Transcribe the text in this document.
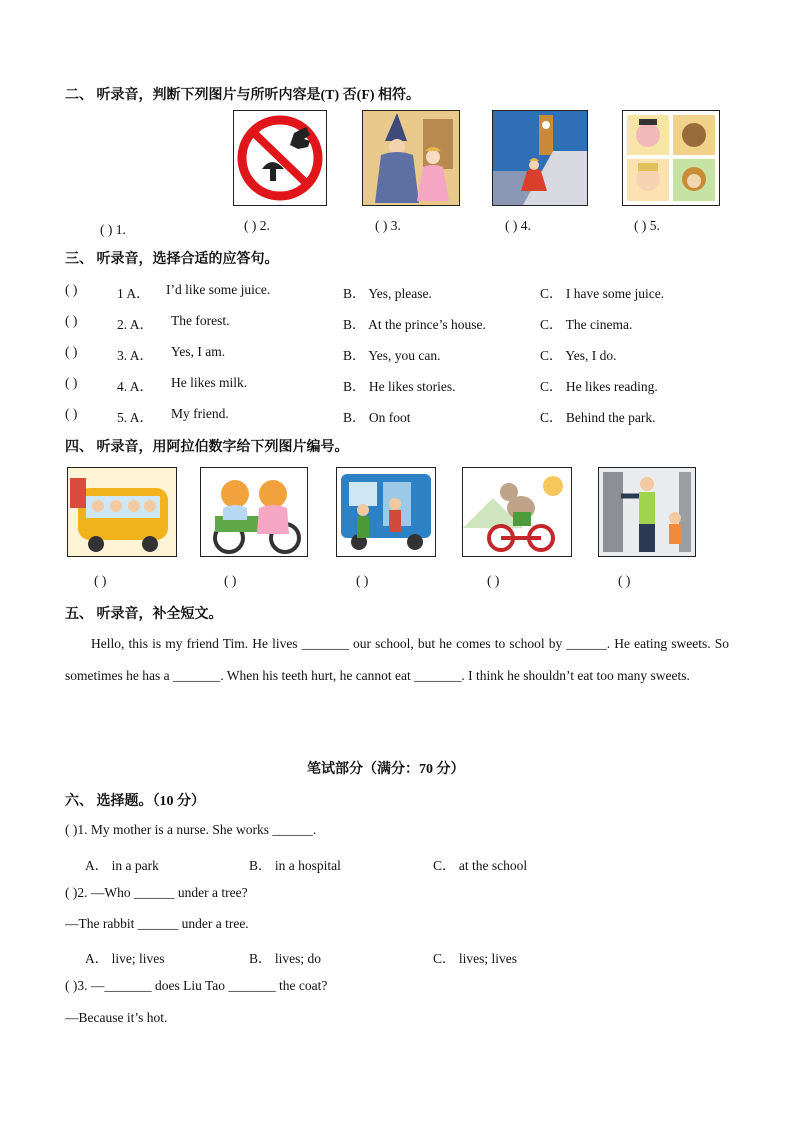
二、 听录音，判断下列图片与所听内容是(T) 否(F) 相符。
( ) 1.	( ) 2.	( ) 3.	( ) 4.	( ) 5.
三、 听录音，选择合适的应答句。
( )	1 A． I’d like some juice.	B． Yes, please.	C． I have some juice.
( )	2. A． The forest.	B． At the prince’s house.	C． The cinema.
( )	3. A． Yes, I am.	B． Yes, you can.	C． Yes, I do.
( )	4. A． He likes milk.	B． He likes stories.	C． He likes reading.
( )	5. A． My friend.	B． On foot	C． Behind the park.
四、 听录音，用阿拉伯数字给下列图片编号。
( )	( )	( )	( )	( )
五、 听录音，补全短文。
Hello, this is my friend Tim. He lives _______ our school, but he comes to school by ______. He eating sweets. So sometimes he has a _______. When his teeth hurt, he cannot eat _______. I think he shouldn’t eat too many sweets.
笔试部分（满分：70 分）
六、 选择题。（10 分）
( )1. My mother is a nurse. She works ______.
A． in a park	B． in a hospital	C． at the school
( )2. —Who ______ under a tree?
—The rabbit ______ under a tree.
A． live; lives	B． lives; do	C． lives; lives
( )3. —_______ does Liu Tao _______ the coat?
—Because it’s hot.
